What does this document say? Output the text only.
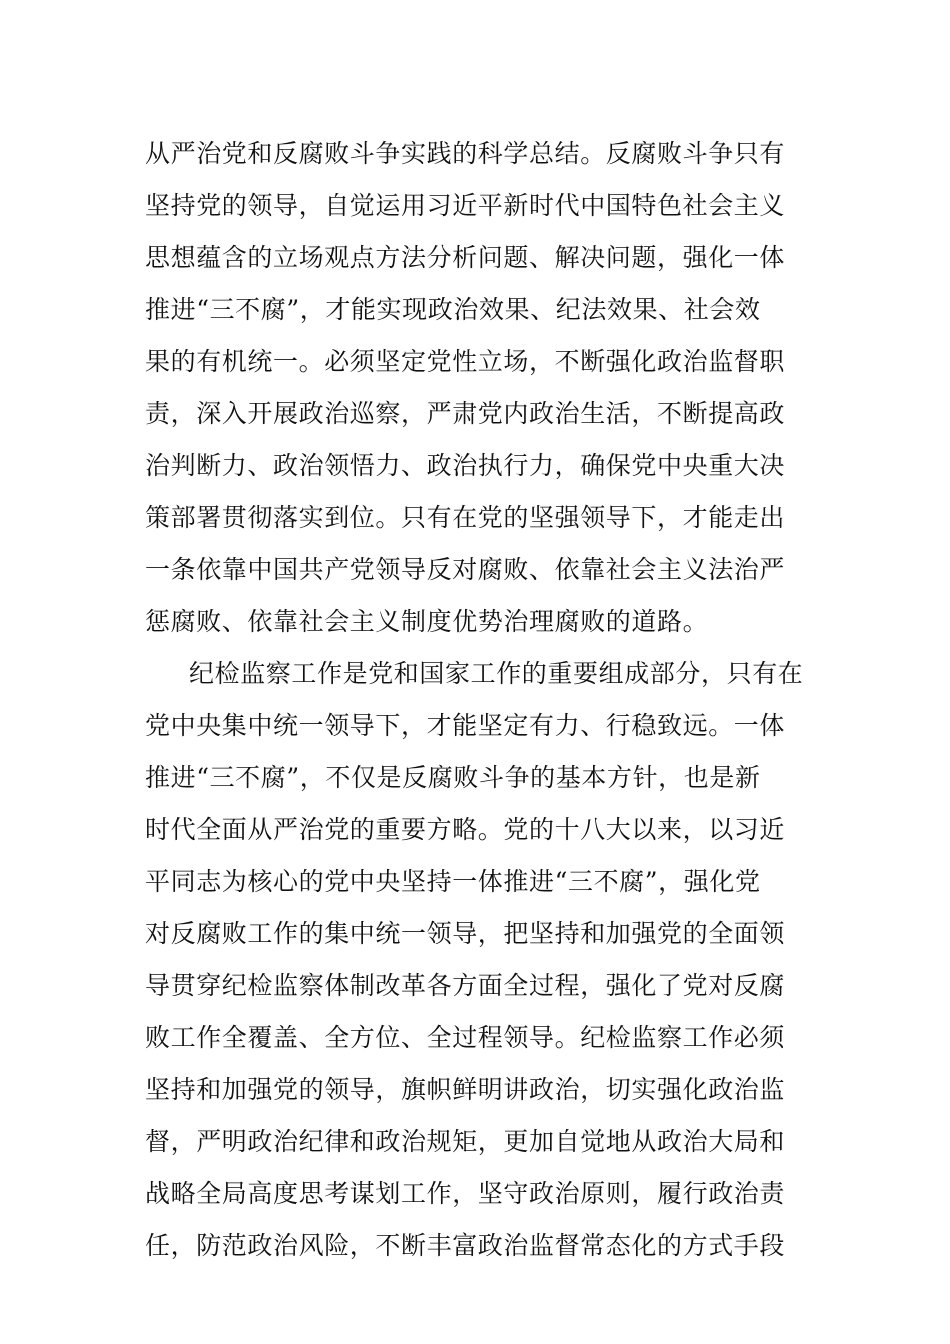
从严治党和反腐败斗争实践的科学总结。反腐败斗争只有
坚持党的领导，自觉运用习近平新时代中国特色社会主义
思想蕴含的立场观点方法分析问题、解决问题，强化一体
推进“三不腐”，才能实现政治效果、纪法效果、社会效
果的有机统一。必须坚定党性立场，不断强化政治监督职
责，深入开展政治巡察，严肃党内政治生活，不断提高政
治判断力、政治领悟力、政治执行力，确保党中央重大决
策部署贯彻落实到位。只有在党的坚强领导下，才能走出
一条依靠中国共产党领导反对腐败、依靠社会主义法治严
惩腐败、依靠社会主义制度优势治理腐败的道路。
纪检监察工作是党和国家工作的重要组成部分，只有在
党中央集中统一领导下，才能坚定有力、行稳致远。一体
推进“三不腐”，不仅是反腐败斗争的基本方针，也是新
时代全面从严治党的重要方略。党的十八大以来，以习近
平同志为核心的党中央坚持一体推进“三不腐”，强化党
对反腐败工作的集中统一领导，把坚持和加强党的全面领
导贯穿纪检监察体制改革各方面全过程，强化了党对反腐
败工作全覆盖、全方位、全过程领导。纪检监察工作必须
坚持和加强党的领导，旗帜鲜明讲政治，切实强化政治监
督，严明政治纪律和政治规矩，更加自觉地从政治大局和
战略全局高度思考谋划工作，坚守政治原则，履行政治责
任，防范政治风险，不断丰富政治监督常态化的方式手段
